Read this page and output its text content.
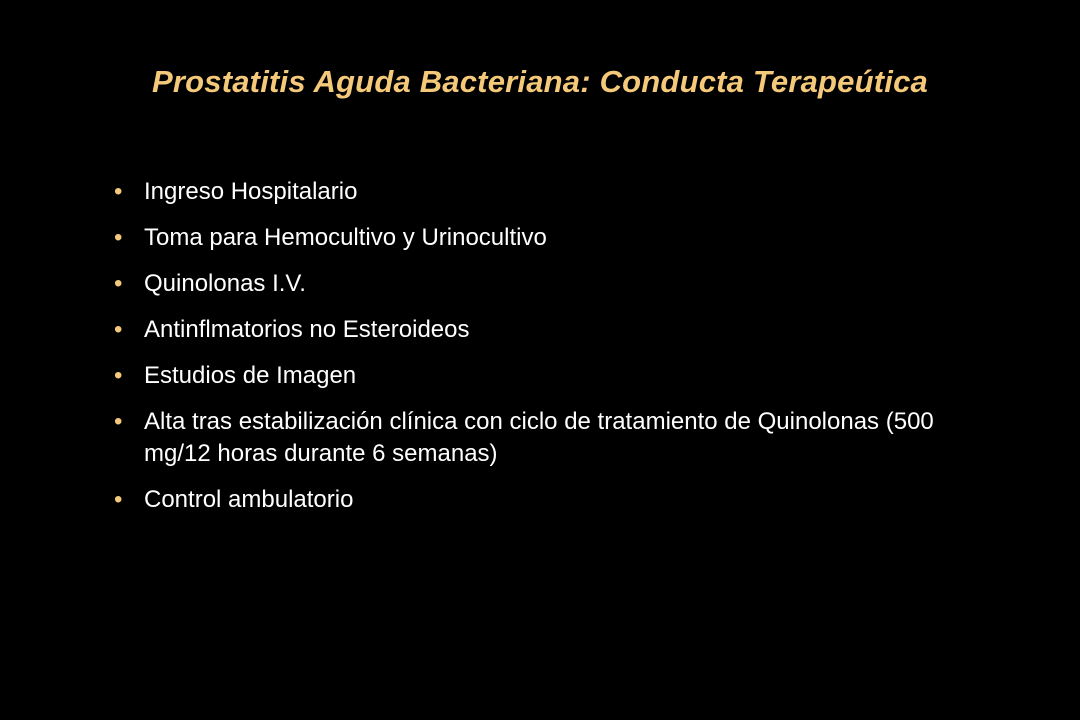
Prostatitis Aguda Bacteriana: Conducta Terapeútica
• Ingreso Hospitalario
• Toma para Hemocultivo y Urinocultivo
• Quinolonas I.V.
• Antinflmatorios no Esteroideos
• Estudios de Imagen
• Alta tras estabilización clínica con ciclo de tratamiento de Quinolonas (500 mg/12 horas durante 6 semanas)
• Control ambulatorio
